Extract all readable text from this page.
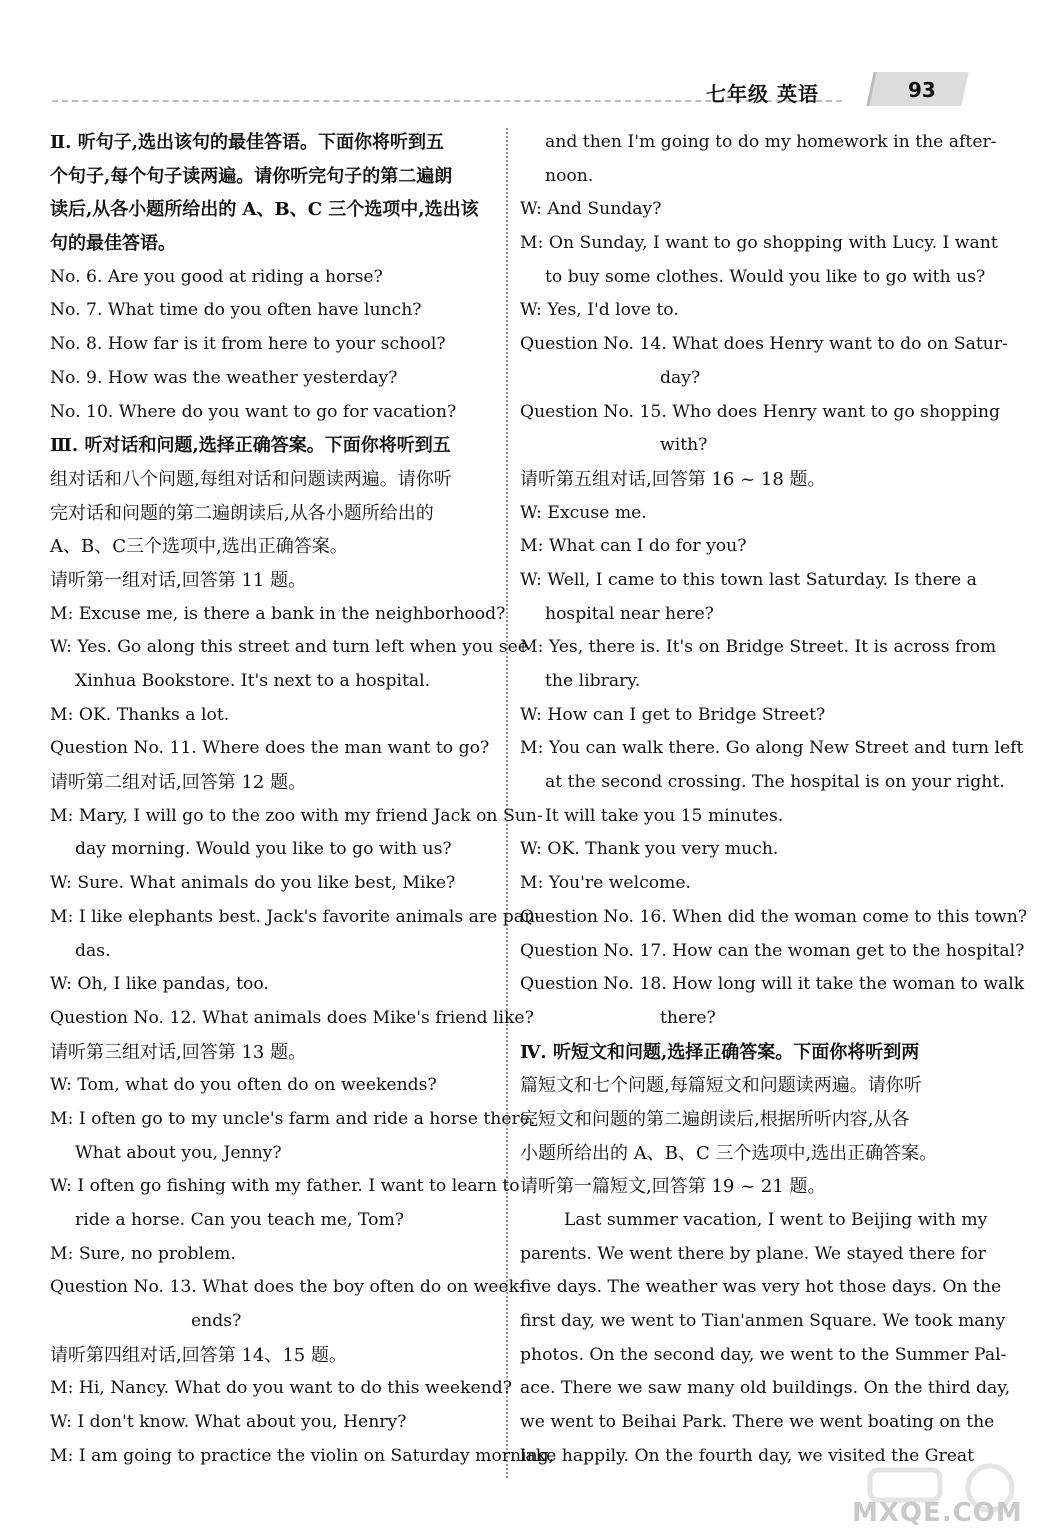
七年级 英语	93
Ⅱ. 听句子,选出该句的最佳答语。下面你将听到五
个句子,每个句子读两遍。请你听完句子的第二遍朗
读后,从各小题所给出的 A、B、C 三个选项中,选出该
句的最佳答语。
No. 6. Are you good at riding a horse?
No. 7. What time do you often have lunch?
No. 8. How far is it from here to your school?
No. 9. How was the weather yesterday?
No. 10. Where do you want to go for vacation?
Ⅲ. 听对话和问题,选择正确答案。下面你将听到五
组对话和八个问题,每组对话和问题读两遍。请你听
完对话和问题的第二遍朗读后,从各小题所给出的
A、B、C三个选项中,选出正确答案。
请听第一组对话,回答第 11 题。
M: Excuse me, is there a bank in the neighborhood?
W: Yes. Go along this street and turn left when you see
Xinhua Bookstore. It's next to a hospital.
M: OK. Thanks a lot.
Question No. 11. Where does the man want to go?
请听第二组对话,回答第 12 题。
M: Mary, I will go to the zoo with my friend Jack on Sun-
day morning. Would you like to go with us?
W: Sure. What animals do you like best, Mike?
M: I like elephants best. Jack's favorite animals are pan-
das.
W: Oh, I like pandas, too.
Question No. 12. What animals does Mike's friend like?
请听第三组对话,回答第 13 题。
W: Tom, what do you often do on weekends?
M: I often go to my uncle's farm and ride a horse there.
What about you, Jenny?
W: I often go fishing with my father. I want to learn to
ride a horse. Can you teach me, Tom?
M: Sure, no problem.
Question No. 13. What does the boy often do on week-
ends?
请听第四组对话,回答第 14、15 题。
M: Hi, Nancy. What do you want to do this weekend?
W: I don't know. What about you, Henry?
M: I am going to practice the violin on Saturday morning,
and then I'm going to do my homework in the after-
noon.
W: And Sunday?
M: On Sunday, I want to go shopping with Lucy. I want
to buy some clothes. Would you like to go with us?
W: Yes, I'd love to.
Question No. 14. What does Henry want to do on Satur-
day?
Question No. 15. Who does Henry want to go shopping
with?
请听第五组对话,回答第 16 ~ 18 题。
W: Excuse me.
M: What can I do for you?
W: Well, I came to this town last Saturday. Is there a
hospital near here?
M: Yes, there is. It's on Bridge Street. It is across from
the library.
W: How can I get to Bridge Street?
M: You can walk there. Go along New Street and turn left
at the second crossing. The hospital is on your right.
It will take you 15 minutes.
W: OK. Thank you very much.
M: You're welcome.
Question No. 16. When did the woman come to this town?
Question No. 17. How can the woman get to the hospital?
Question No. 18. How long will it take the woman to walk
there?
Ⅳ. 听短文和问题,选择正确答案。下面你将听到两
篇短文和七个问题,每篇短文和问题读两遍。请你听
完短文和问题的第二遍朗读后,根据所听内容,从各
小题所给出的 A、B、C 三个选项中,选出正确答案。
请听第一篇短文,回答第 19 ~ 21 题。
Last summer vacation, I went to Beijing with my
parents. We went there by plane. We stayed there for
five days. The weather was very hot those days. On the
first day, we went to Tian'anmen Square. We took many
photos. On the second day, we went to the Summer Pal-
ace. There we saw many old buildings. On the third day,
we went to Beihai Park. There we went boating on the
lake happily. On the fourth day, we visited the Great
MXQE.COM
